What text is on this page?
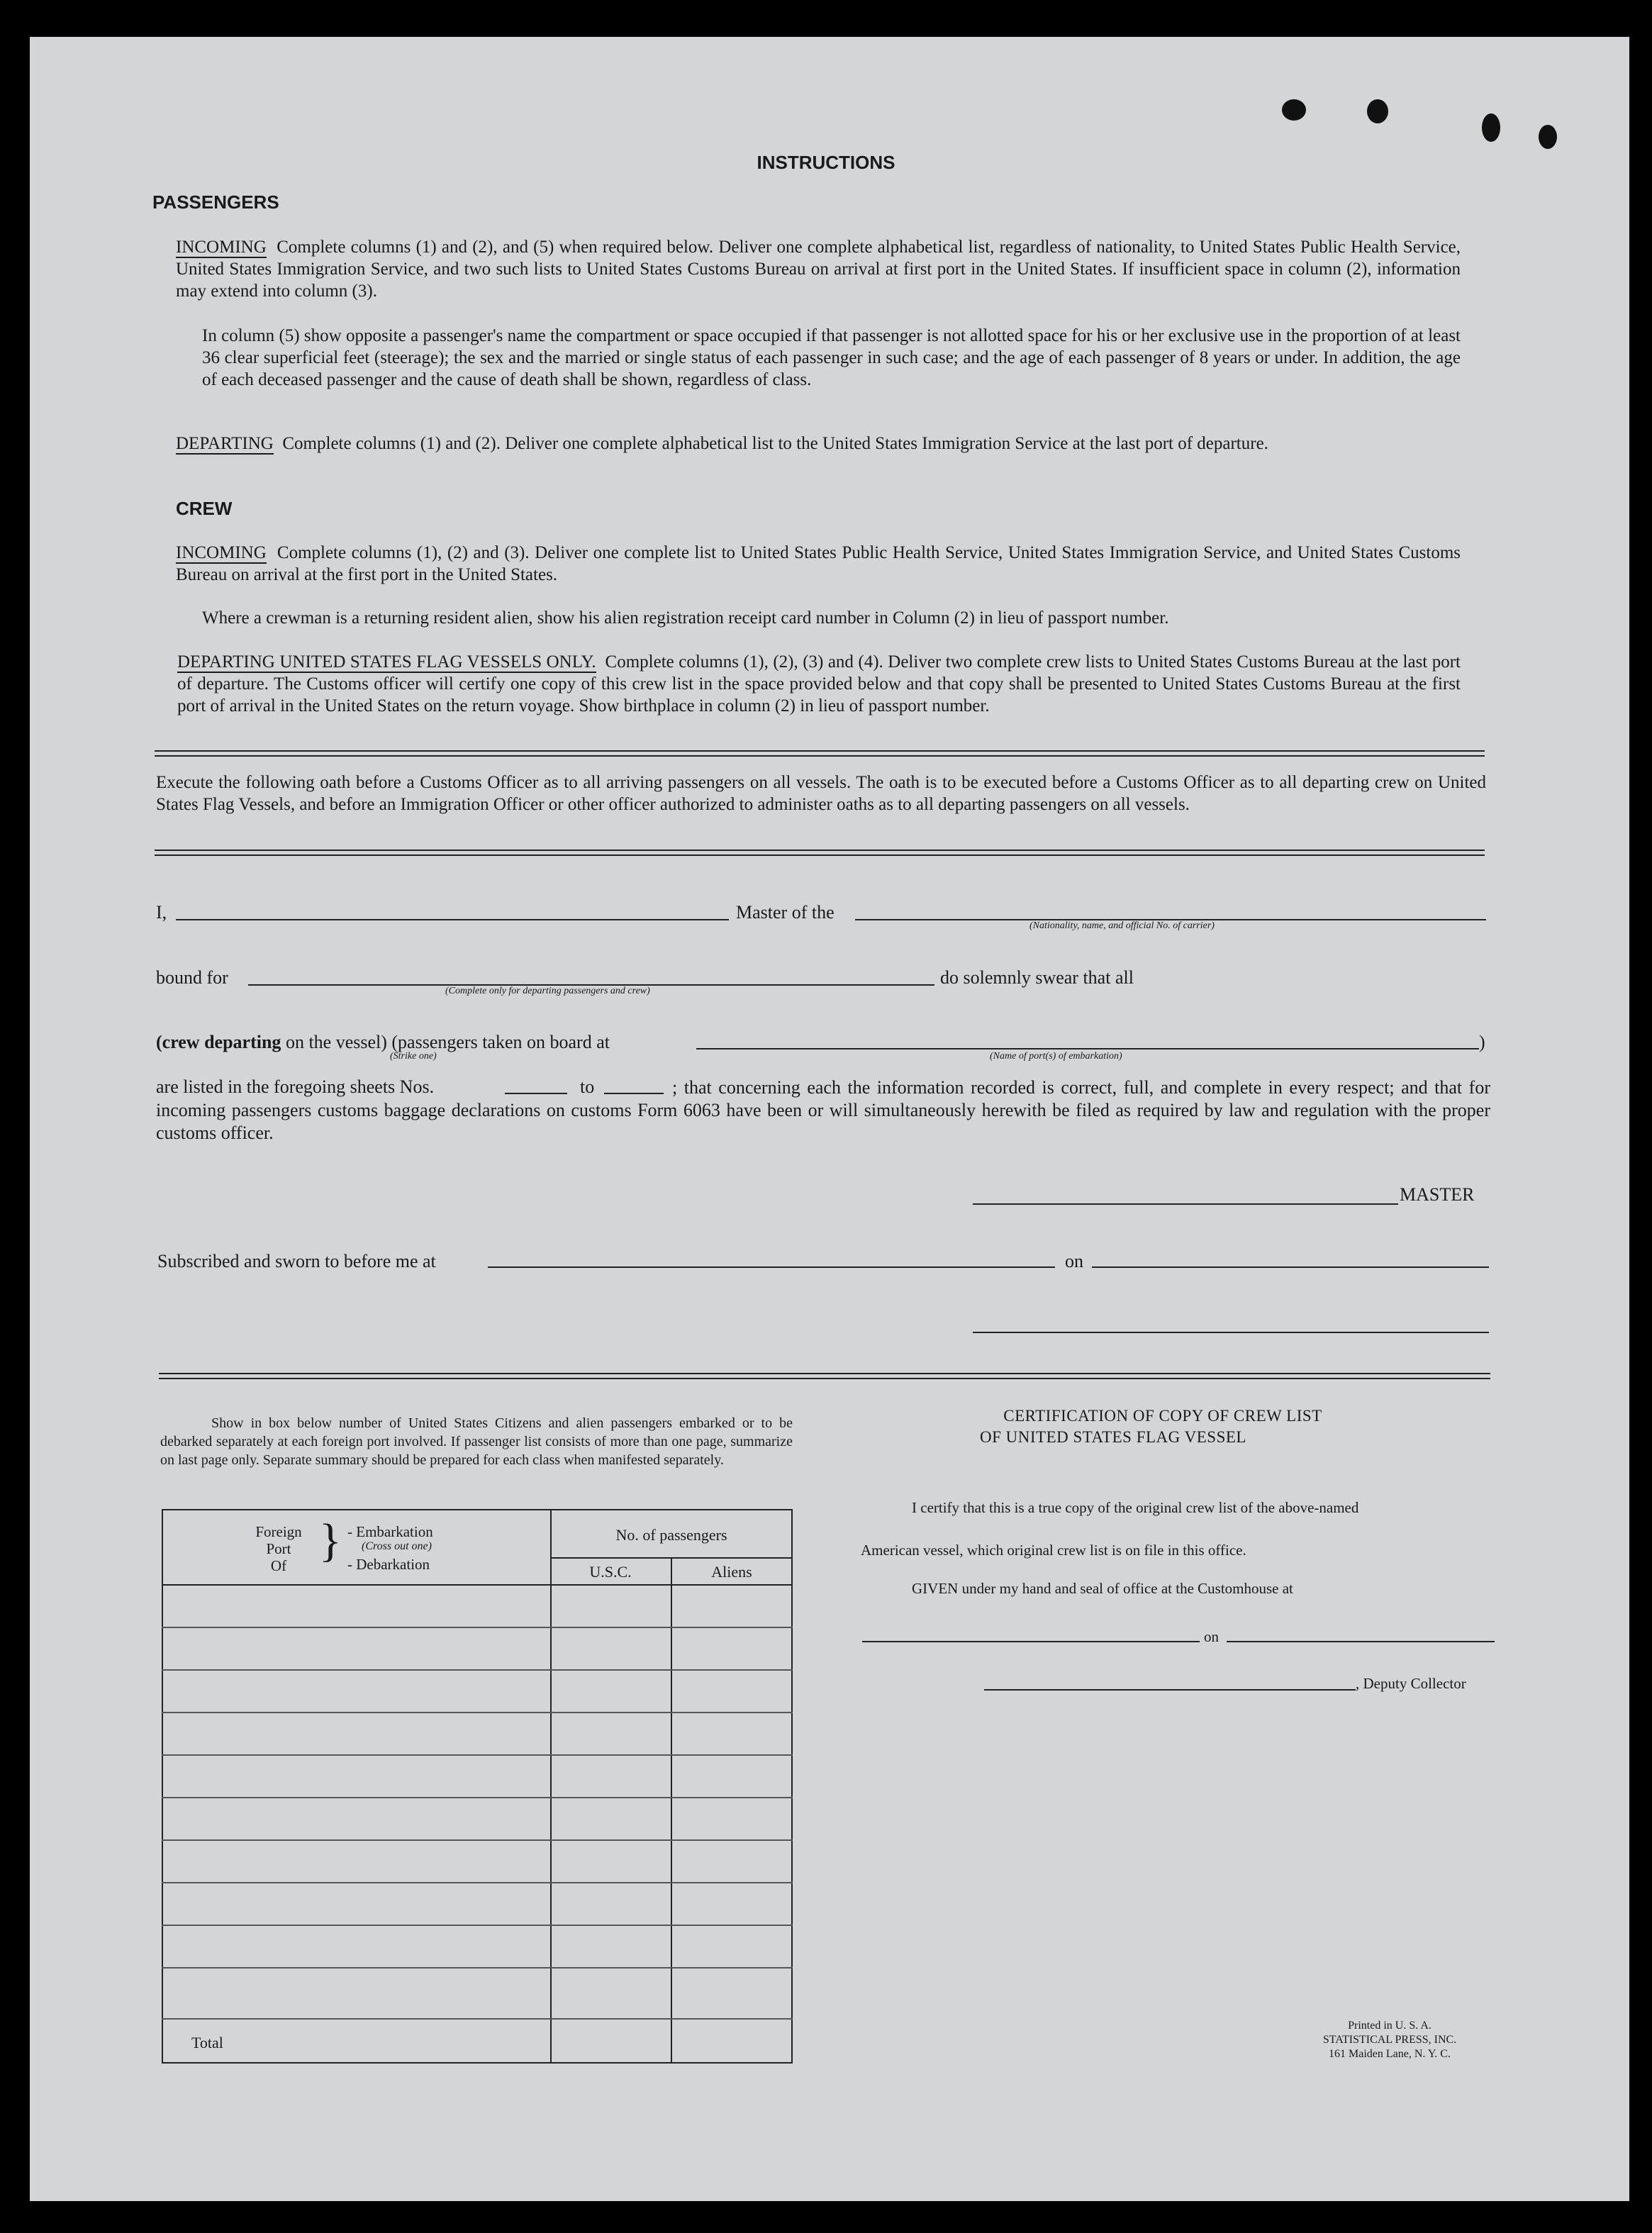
INSTRUCTIONS
PASSENGERS
INCOMING Complete columns (1) and (2), and (5) when required below. Deliver one complete alphabetical list, regardless of nationality, to United States Public Health Service, United States Immigration Service, and two such lists to United States Customs Bureau on arrival at first port in the United States. If insufficient space in column (2), information may extend into column (3).
In column (5) show opposite a passenger's name the compartment or space occupied if that passenger is not allotted space for his or her exclusive use in the proportion of at least 36 clear superficial feet (steerage); the sex and the married or single status of each passenger in such case; and the age of each passenger of 8 years or under. In addition, the age of each deceased passenger and the cause of death shall be shown, regardless of class.
DEPARTING Complete columns (1) and (2). Deliver one complete alphabetical list to the United States Immigration Service at the last port of departure.
CREW
INCOMING Complete columns (1), (2) and (3). Deliver one complete list to United States Public Health Service, United States Immigration Service, and United States Customs Bureau on arrival at the first port in the United States.
Where a crewman is a returning resident alien, show his alien registration receipt card number in Column (2) in lieu of passport number.
DEPARTING UNITED STATES FLAG VESSELS ONLY. Complete columns (1), (2), (3) and (4). Deliver two complete crew lists to United States Customs Bureau at the last port of departure. The Customs officer will certify one copy of this crew list in the space provided below and that copy shall be presented to United States Customs Bureau at the first port of arrival in the United States on the return voyage. Show birthplace in column (2) in lieu of passport number.
Execute the following oath before a Customs Officer as to all arriving passengers on all vessels. The oath is to be executed before a Customs Officer as to all departing crew on United States Flag Vessels, and before an Immigration Officer or other officer authorized to administer oaths as to all departing passengers on all vessels.
I,	Master of the
(Nationality, name, and official No. of carrier)
bound for
(Complete only for departing passengers and crew)
do solemnly swear that all
(crew departing on the vessel) (passengers taken on board at	)
(Strike one)	(Name of port(s) of embarkation)
are listed in the foregoing sheets Nos.	to	; that concerning each the information recorded is correct, full, and complete in every respect; and that for incoming passengers customs baggage declarations on customs Form 6063 have been or will simultaneously herewith be filed as required by law and regulation with the proper customs officer.
MASTER
Subscribed and sworn to before me at	on
Show in box below number of United States Citizens and alien passengers embarked or to be debarked separately at each foreign port involved. If passenger list consists of more than one page, summarize on last page only. Separate summary should be prepared for each class when manifested separately.
Foreign
Port
Of } - Embarkation
(Cross out one)
- Debarkation
No. of passengers
U.S.C.	Aliens
Total
CERTIFICATION OF COPY OF CREW LIST
OF UNITED STATES FLAG VESSEL
I certify that this is a true copy of the original crew list of the above-named
American vessel, which original crew list is on file in this office.
GIVEN under my hand and seal of office at the Customhouse at
on
, Deputy Collector
Printed in U. S. A.
STATISTICAL PRESS, INC.
161 Maiden Lane, N. Y. C.
